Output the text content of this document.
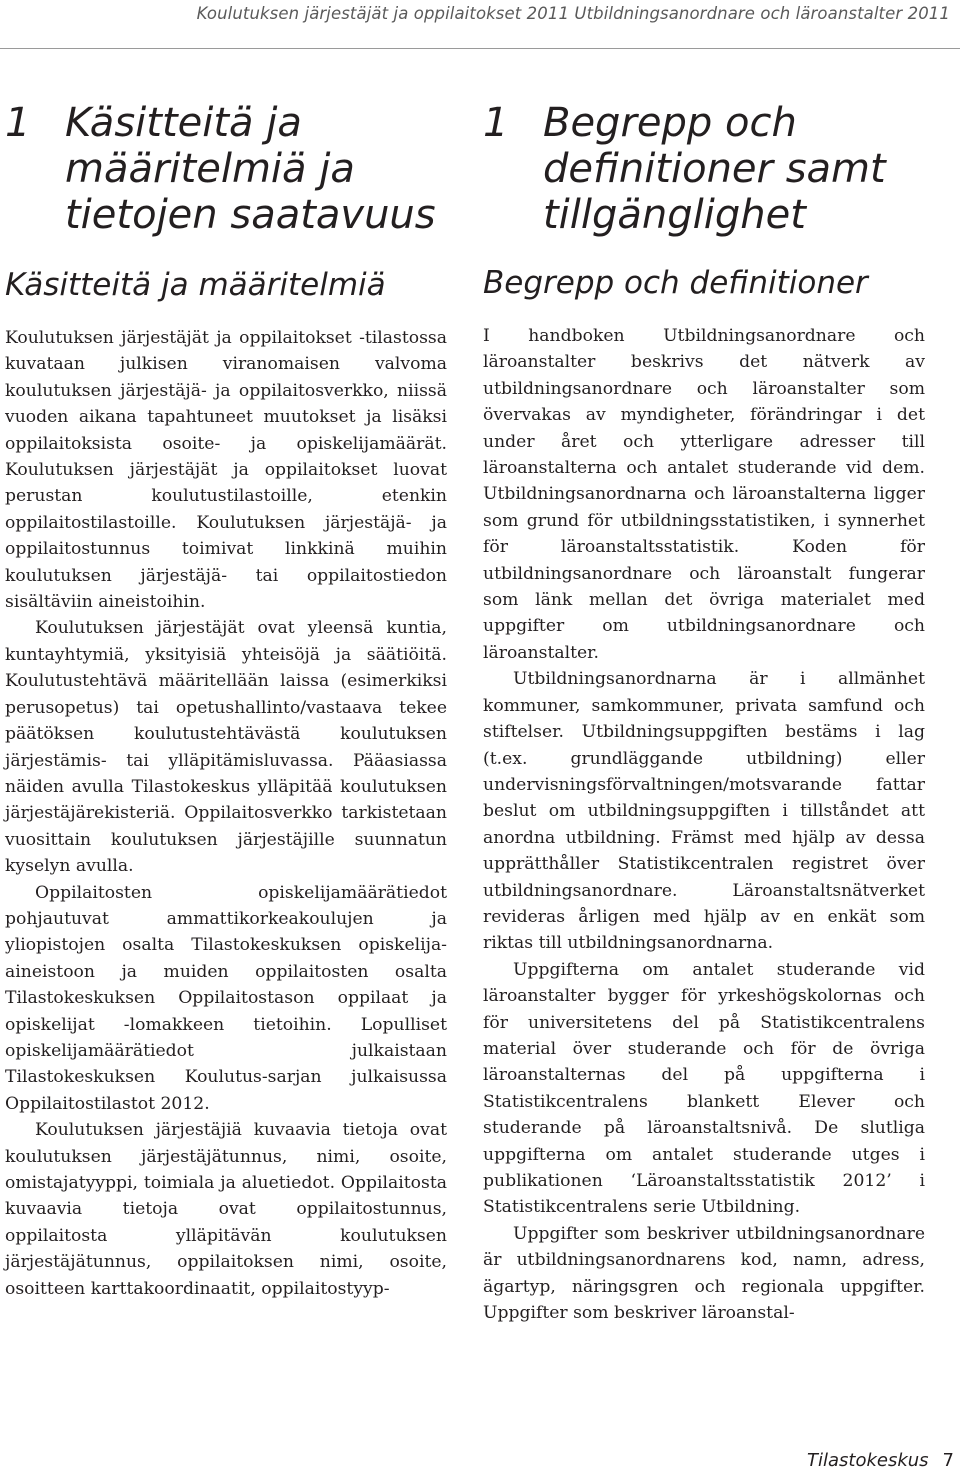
Koulutuksen järjestäjät ja oppilaitokset 2011 Utbildningsanordnare och läroanstalter 2011
1 Käsitteitä ja määritelmiä ja tietojen saatavuus
Käsitteitä ja määritelmiä

Koulutuksen järjestäjät ja oppilaitokset -tilastossa kuvataan julkisen viranomaisen valvoma koulutuksen järjestäjä- ja oppilaitosverkko, niissä vuoden aikana tapahtuneet muutokset ja lisäksi oppilaitoksista osoite- ja opiskelijamäärät. Koulutuksen järjestäjät ja oppilaitokset luovat perustan koulutustilastoille, etenkin oppilaitostilastoille. Koulutuksen järjestäjä- ja oppilaitostunnus toimivat linkkinä muihin koulutuksen järjestäjä- tai oppilaitostiedon sisältäviin aineistoihin.

Koulutuksen järjestäjät ovat yleensä kuntia, kuntayhtymiä, yksityisiä yhteisöjä ja säätiöitä. Koulutustehtävä määritellään laissa (esimerkiksi perusopetus) tai opetushallinto/vastaava tekee päätöksen koulutustehtävästä koulutuksen järjestämis- tai ylläpitämisluvassa. Pääasiassa näiden avulla Tilastokeskus ylläpitää koulutuksen järjestäjärekisteriä. Oppilaitosverkko tarkistetaan vuosittain koulutuksen järjestäjille suunnatun kyselyn avulla.

Oppilaitosten opiskelijamäärätiedot pohjautuvat ammattikorkeakoulujen ja yliopistojen osalta Tilastokeskuksen opiskelija-aineistoon ja muiden oppilaitosten osalta Tilastokeskuksen Oppilaitostason oppilaat ja opiskelijat -lomakkeen tietoihin. Lopulliset opiskelijamäärätiedot julkaistaan Tilastokeskuksen Koulutus-sarjan julkaisussa Oppilaitostilastot 2012.

Koulutuksen järjestäjiä kuvaavia tietoja ovat koulutuksen järjestäjätunnus, nimi, osoite, omistajatyyppi, toimiala ja aluetiedot. Oppilaitosta kuvaavia tietoja ovat oppilaitostunnus, oppilaitosta ylläpitävän koulutuksen järjestäjätunnus, oppilaitoksen nimi, osoite, osoitteen karttakoordinaatit, oppilaitostyyp-

1 Begrepp och definitioner samt tillgänglighet
Begrepp och definitioner

I handboken Utbildningsanordnare och läroanstalter beskrivs det nätverk av utbildningsanordnare och läroanstalter som övervakas av myndigheter, förändringar i det under året och ytterligare adresser till läroanstalterna och antalet studerande vid dem. Utbildningsanordnarna och läroanstalterna ligger som grund för utbildningsstatistiken, i synnerhet för läroanstaltsstatistik. Koden för utbildningsanordnare och läroanstalt fungerar som länk mellan det övriga materialet med uppgifter om utbildningsanordnare och läroanstalter.

Utbildningsanordnarna är i allmänhet kommuner, samkommuner, privata samfund och stiftelser. Utbildningsuppgiften bestäms i lag (t.ex. grundläggande utbildning) eller undervisningsförvaltningen/motsvarande fattar beslut om utbildningsuppgiften i tillståndet att anordna utbildning. Främst med hjälp av dessa upprätthåller Statistikcentralen registret över utbildningsanordnare. Läroanstaltsnätverket revideras årligen med hjälp av en enkät som riktas till utbildningsanordnarna.

Uppgifterna om antalet studerande vid läroanstalter bygger för yrkeshögskolornas och för universitetens del på Statistikcentralens material över studerande och för de övriga läroanstalternas del på uppgifterna i Statistikcentralens blankett Elever och studerande på läroanstaltsnivå. De slutliga uppgifterna om antalet studerande utges i publikationen ‘Läroanstaltsstatistik 2012’ i Statistikcentralens serie Utbildning.

Uppgifter som beskriver utbildningsanordnare är utbildningsanordnarens kod, namn, adress, ägartyp, näringsgren och regionala uppgifter. Uppgifter som beskriver läroanstal-

Tilastokeskus 7
